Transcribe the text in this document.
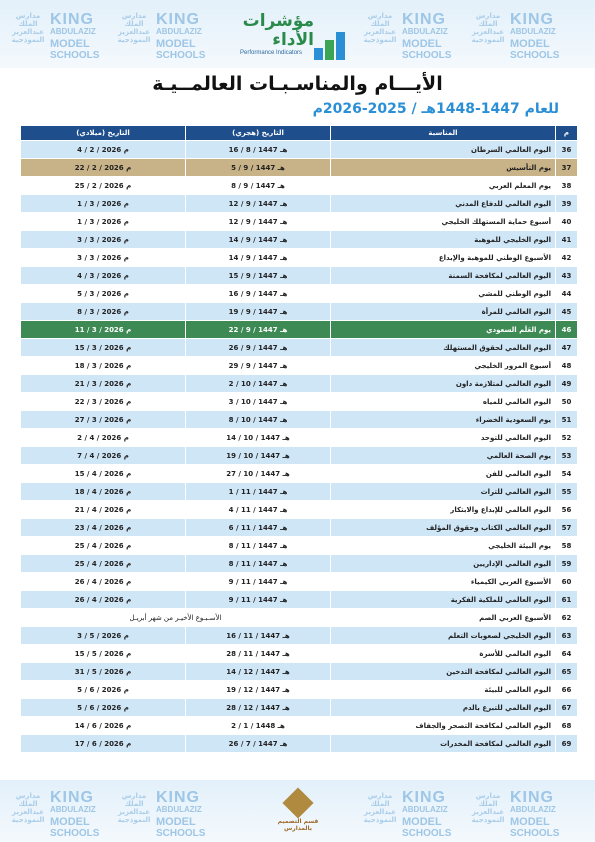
مدارس الملك عبدالعزيز النموذجية
KING
ABDULAZIZ
MODEL
SCHOOLS
مدارس الملك عبدالعزيز النموذجية
KING
ABDULAZIZ
MODEL
SCHOOLS
مؤشرات الأداء
Performance Indicators
مدارس الملك عبدالعزيز النموذجية
KING
ABDULAZIZ
MODEL
SCHOOLS
مدارس الملك عبدالعزيز النموذجية
KING
ABDULAZIZ
MODEL
SCHOOLS
الأيـــام والمناسـبـات العالمــيـة
للعام 1447-1448هـ / 2025-2026م
م	المناسبة	التاريخ (هجري)	التاريخ (ميلادي)
36	اليوم العالمي السرطان	16 / 8 / 1447 هـ	4 / 2 / 2026 م
37	يوم التأسيس	5 / 9 / 1447 هـ	22 / 2 / 2026 م
38	يوم المعلم العربي	8 / 9 / 1447 هـ	25 / 2 / 2026 م
39	اليوم العالمي للدفاع المدني	12 / 9 / 1447 هـ	1 / 3 / 2026 م
40	أسبوع حماية المستهلك الخليجي	12 / 9 / 1447 هـ	1 / 3 / 2026 م
41	اليوم الخليجي للموهبة	14 / 9 / 1447 هـ	3 / 3 / 2026 م
42	الأسبوع الوطني للموهبة والإبداع	14 / 9 / 1447 هـ	3 / 3 / 2026 م
43	اليوم العالمي لمكافحة السمنة	15 / 9 / 1447 هـ	4 / 3 / 2026 م
44	اليوم الوطني للمشي	16 / 9 / 1447 هـ	5 / 3 / 2026 م
45	اليوم العالمي للمرأة	19 / 9 / 1447 هـ	8 / 3 / 2026 م
46	يوم العَلَم السعودي	22 / 9 / 1447 هـ	11 / 3 / 2026 م
47	اليوم العالمي لحقوق المستهلك	26 / 9 / 1447 هـ	15 / 3 / 2026 م
48	أسبوع المرور الخليجي	29 / 9 / 1447 هـ	18 / 3 / 2026 م
49	اليوم العالمي لمتلازمة داون	2 / 10 / 1447 هـ	21 / 3 / 2026 م
50	اليوم العالمي للمياه	3 / 10 / 1447 هـ	22 / 3 / 2026 م
51	يوم السعودية الخضراء	8 / 10 / 1447 هـ	27 / 3 / 2026 م
52	اليوم العالمي للتوحد	14 / 10 / 1447 هـ	2 / 4 / 2026 م
53	يوم الصحة العالمي	19 / 10 / 1447 هـ	7 / 4 / 2026 م
54	اليوم العالمي للفن	27 / 10 / 1447 هـ	15 / 4 / 2026 م
55	اليوم العالمي للتراث	1 / 11 / 1447 هـ	18 / 4 / 2026 م
56	اليوم العالمي للإبداع والابتكار	4 / 11 / 1447 هـ	21 / 4 / 2026 م
57	اليوم العالمي الكتاب وحقوق المؤلف	6 / 11 / 1447 هـ	23 / 4 / 2026 م
58	يوم البيئة الخليجي	8 / 11 / 1447 هـ	25 / 4 / 2026 م
59	اليوم العالمي الإداريين	8 / 11 / 1447 هـ	25 / 4 / 2026 م
60	الأسبوع العربي الكيمياء	9 / 11 / 1447 هـ	26 / 4 / 2026 م
61	اليوم العالمي للملكية الفكرية	9 / 11 / 1447 هـ	26 / 4 / 2026 م
62	الأسبوع العربي الصم	الأسـبـوع الأخيـر من شهر أبريـل	
63	اليوم الخليجي لصعوبات التعلم	16 / 11 / 1447 هـ	3 / 5 / 2026 م
64	اليوم العالمي للأسرة	28 / 11 / 1447 هـ	15 / 5 / 2026 م
65	اليوم العالمي لمكافحة التدخين	14 / 12 / 1447 هـ	31 / 5 / 2026 م
66	اليوم العالمي للبيئة	19 / 12 / 1447 هـ	5 / 6 / 2026 م
67	اليوم العالمي للتبرع بالدم	28 / 12 / 1447 هـ	5 / 6 / 2026 م
68	اليوم العالمي لمكافحة التصحر والجفاف	2 / 1 / 1448 هـ	14 / 6 / 2026 م
69	اليوم العالمي لمكافحة المخدرات	26 / 7 / 1447 هـ	17 / 6 / 2026 م
مدارس الملك عبدالعزيز النموذجية
KING
ABDULAZIZ
MODEL
SCHOOLS
مدارس الملك عبدالعزيز النموذجية
KING
ABDULAZIZ
MODEL
SCHOOLS
قسم التصميم بالمدارس
مدارس الملك عبدالعزيز النموذجية
KING
ABDULAZIZ
MODEL
SCHOOLS
مدارس الملك عبدالعزيز النموذجية
KING
ABDULAZIZ
MODEL
SCHOOLS
